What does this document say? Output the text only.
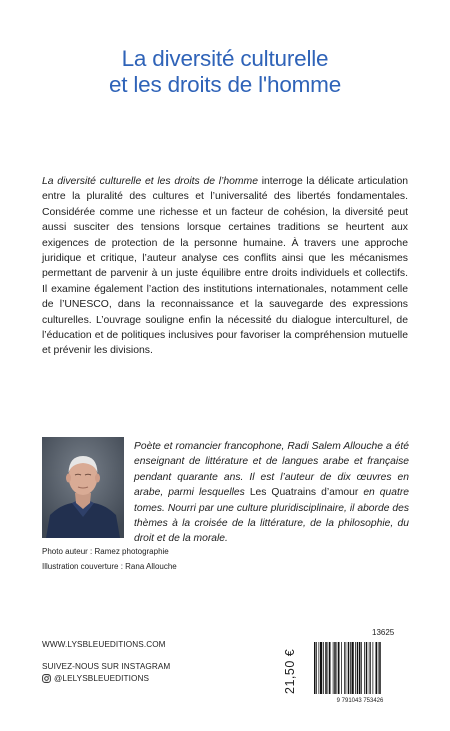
La diversité culturelle
et les droits de l'homme
La diversité culturelle et les droits de l’homme interroge la délicate articulation entre la pluralité des cultures et l’universalité des libertés fondamentales. Considérée comme une richesse et un facteur de cohésion, la diversité peut aussi susciter des tensions lorsque certaines traditions se heurtent aux exigences de protection de la personne humaine. À travers une approche juridique et critique, l’auteur analyse ces conflits ainsi que les mécanismes permettant de parvenir à un juste équilibre entre droits individuels et collectifs. Il examine également l’action des institutions internationales, notamment celle de l’UNESCO, dans la reconnaissance et la sauvegarde des expressions culturelles. L’ouvrage souligne enfin la nécessité du dialogue interculturel, de l’éducation et de politiques inclusives pour favoriser la compréhension mutuelle et prévenir les divisions.
Poète et romancier francophone, Radi Salem Allouche a été enseignant de littérature et de langues arabe et française pendant quarante ans. Il est l’auteur de dix œuvres en arabe, parmi lesquelles Les Quatrains d’amour en quatre tomes. Nourri par une culture pluridisciplinaire, il aborde des thèmes à la croisée de la littérature, de la philosophie, du droit et de la morale.
Photo auteur : Ramez photographie
Illustration couverture : Rana Allouche
WWW.LYSBLEUEDITIONS.COM
SUIVEZ-NOUS SUR INSTAGRAM
@LELYSBLEUEDITIONS
13625
21,50 €
9 791043 753426
